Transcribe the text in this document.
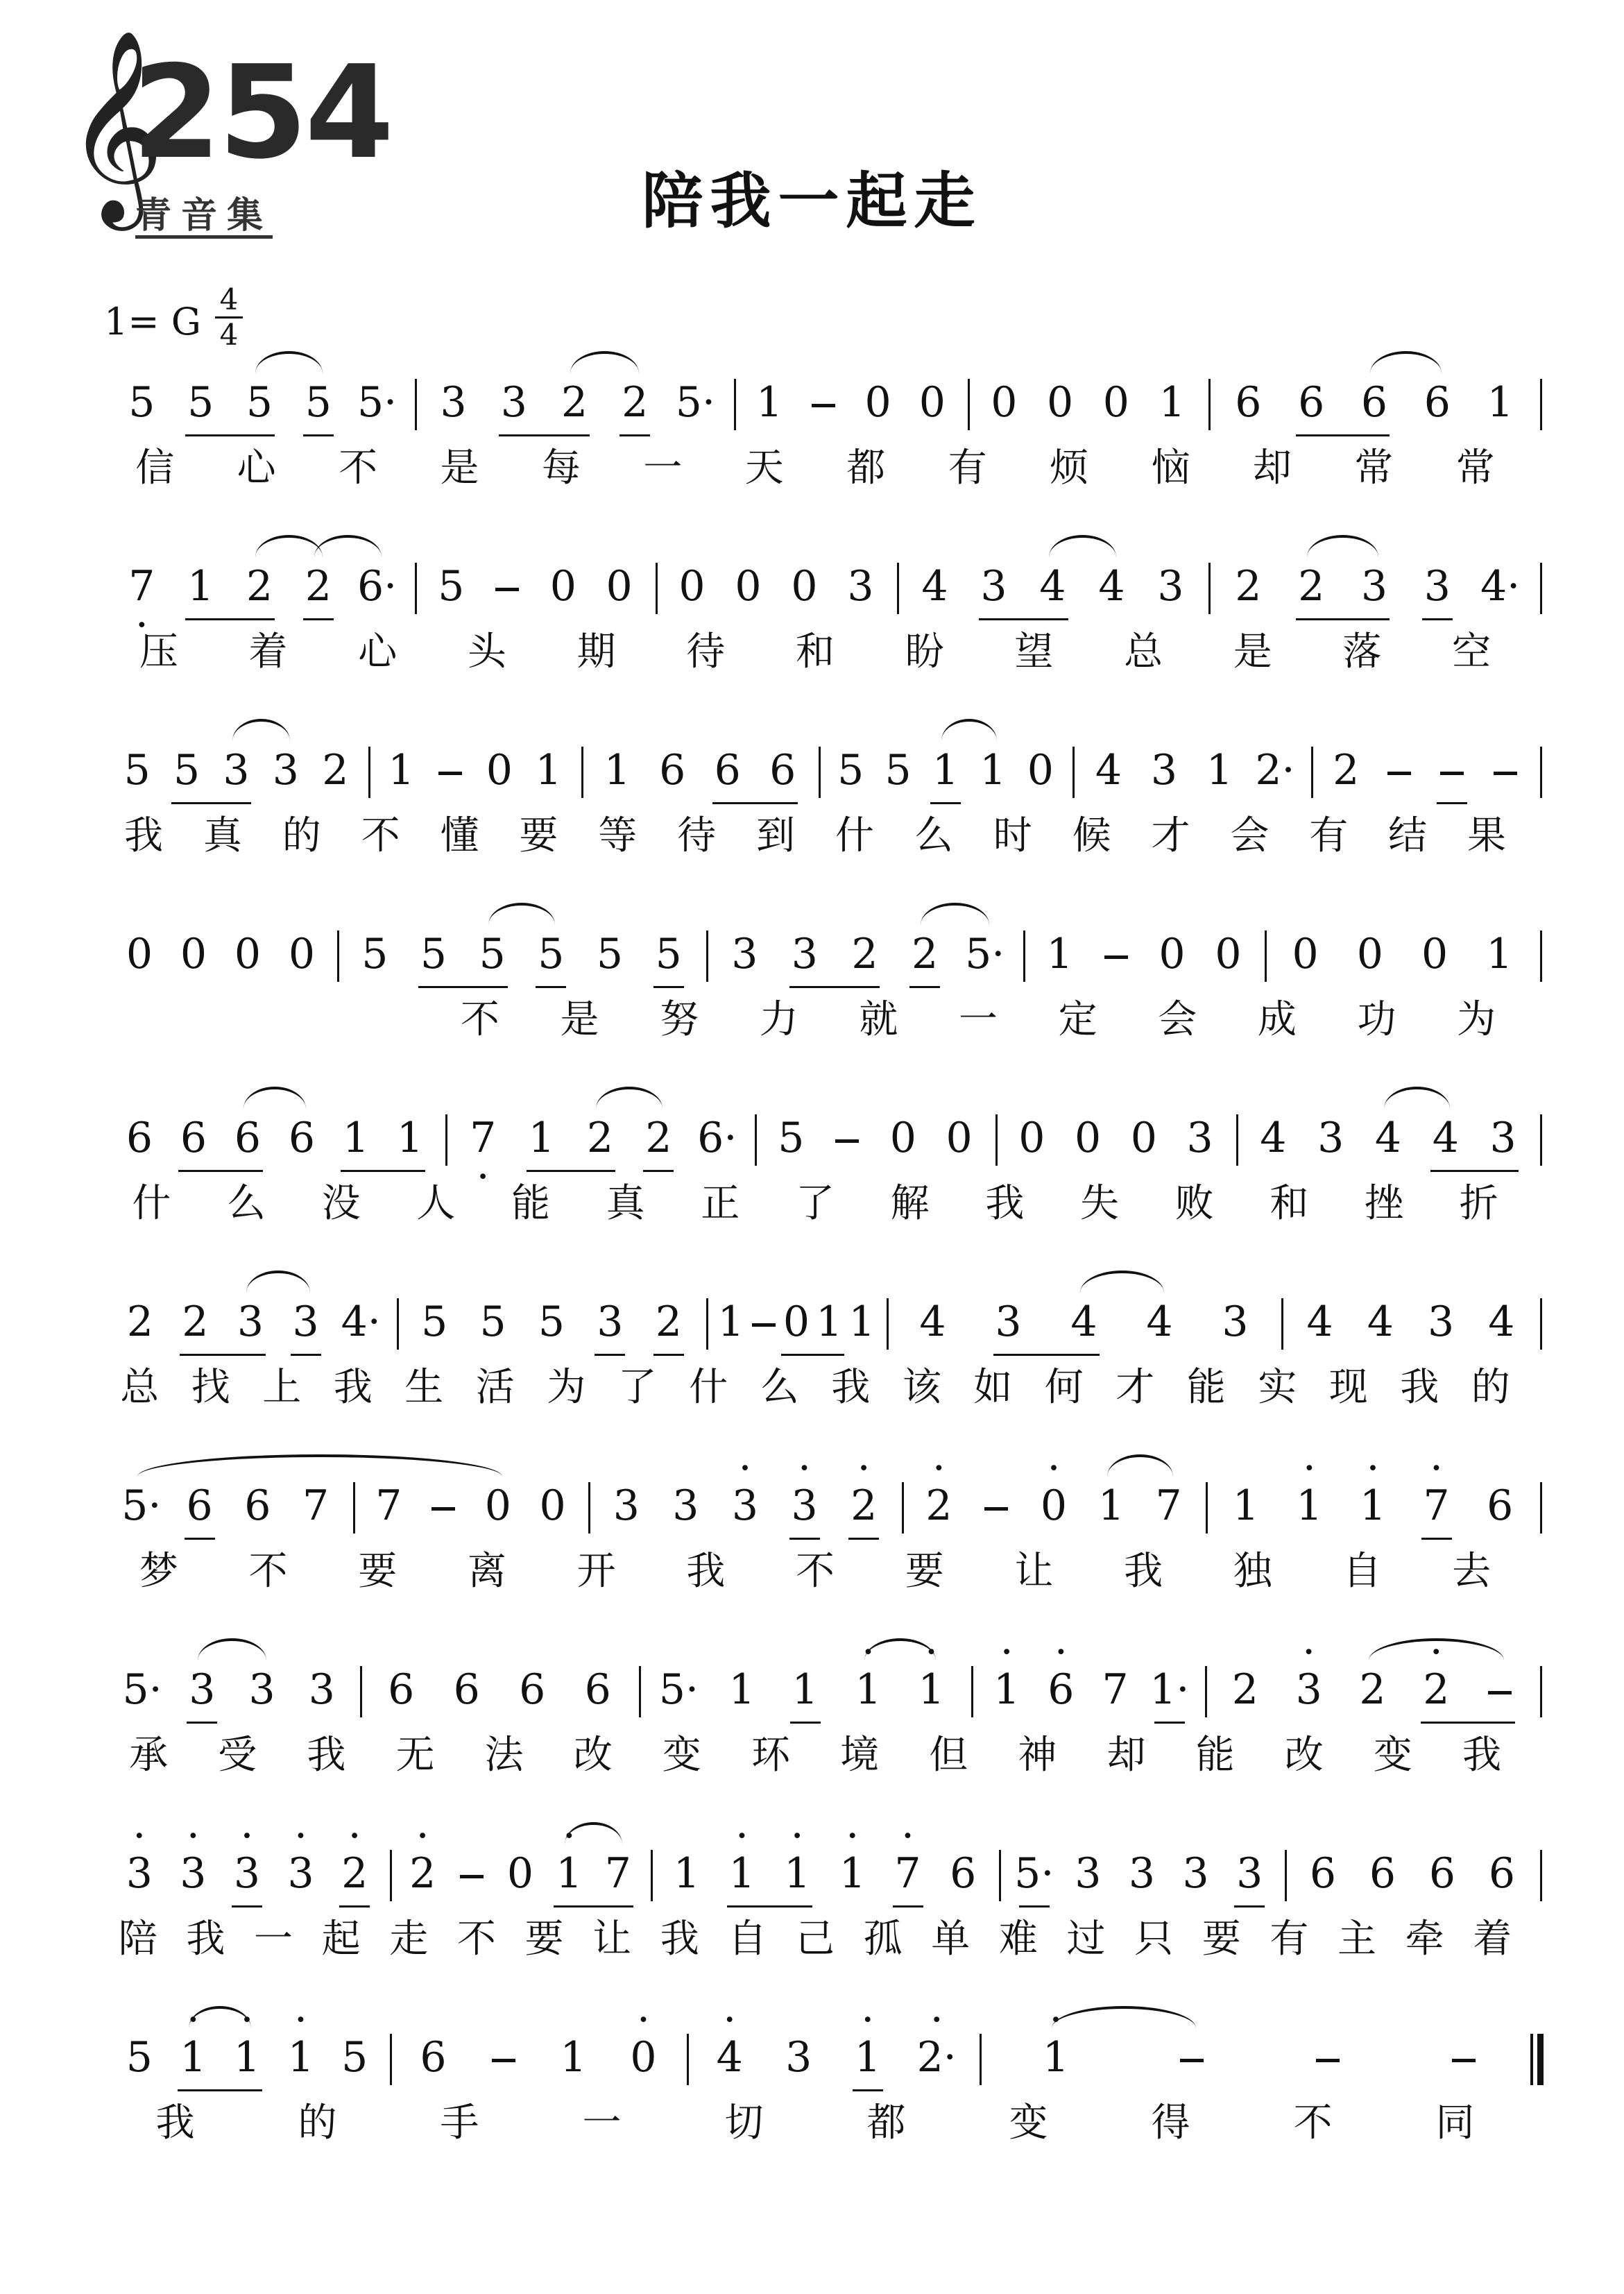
𝄞
254
青音集	陪我一起走
1= G
4
4
5 5 5 5 5· 3 3 2 2 5· 1 0 0 0 0 0 1 6 6 6 6 1
信	心	不	是	每	一	天	都	有	烦	恼	却	常	常
7 · 1 2 2 6· 5 0 0 0 0 0 3 4 3 4 4 3 2 2 3 3 4·
压	着	心	头	期	待	和	盼	望	总	是	落	空
5 5 3 3 2 1 0 1 1 6 6 6 5 5 1 1 0 4 3 1 2· 2
我	真	的	不	懂	要	等	待	到	什	么	时	候	才	会	有	结	果
0 0 0 0 5 5 5 5 5 5 3 3 2 2 5· 1 0 0 0 0 0 1
不	是	努	力	就	一	定	会	成	功	为
6 6 6 6 1 1 7 · 1 2 2 6· 5 0 0 0 0 0 3 4 3 4 4 3
什	么	没	人	能	真	正	了	解	我	失	败	和	挫	折
2 2 3 3 4· 5 5 5 3 2 1 0 1 1 4 3 4 4 3 4 4 3 4
总 找 上 我 生 活 为 了 什 么 我 该 如 何 才 能 实 现 我 的
5· 6 6 7 7 0 0 3 3 · 3 · 3 · 2 · 2 · 0 1 7 1 · 1 · 1 · 7 6
梦	不	要	离	开	我	不	要	让	我	独	自	去
5· 3 3 3 6 6 6 6 5· 1 1 · 1 · 1 · 1 · 6 7 1· 2 · 3 2 · 2
承	受	我	无	法	改	变	环	境	但	神	却	能	改	变	我
· 3 · 3 · 3 · 3 · 2 · 2 0 · 1 7 1 · 1 · 1 · 1 · 7 6 5· 3 3 3 3 6 6 6 6
陪 我 一 起 走 不 要 让 我 自 己 孤 单 难 过 只 要 有 主 牵 着
5 · 1 · 1 · 1 5 6	1 · 0 · 4 3 · 1 · 2· · 1
我	的	手	一	切	都	变	得	不	同
